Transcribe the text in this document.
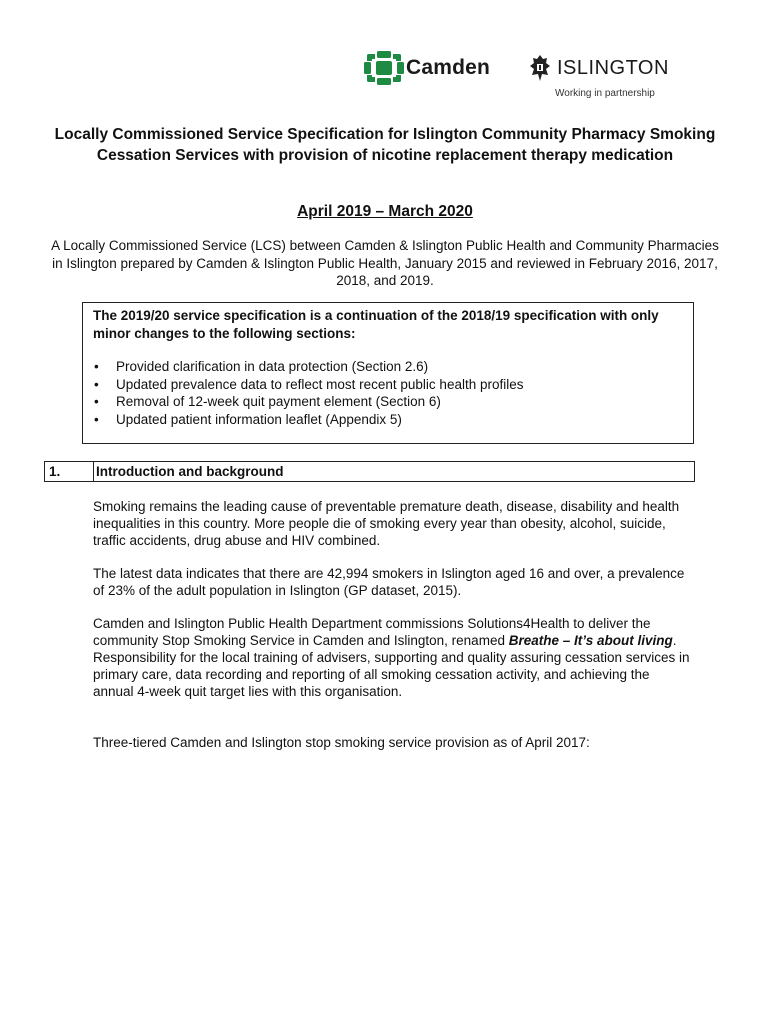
Camden	ISLINGTON
Working in partnership
Locally Commissioned Service Specification for Islington Community Pharmacy Smoking Cessation Services with provision of nicotine replacement therapy medication
April 2019 – March 2020
A Locally Commissioned Service (LCS) between Camden & Islington Public Health and Community Pharmacies in Islington prepared by Camden & Islington Public Health, January 2015 and reviewed in February 2016, 2017, 2018, and 2019.
The 2019/20 service specification is a continuation of the 2018/19 specification with only minor changes to the following sections:
• Provided clarification in data protection (Section 2.6)
• Updated prevalence data to reflect most recent public health profiles
• Removal of 12-week quit payment element (Section 6)
• Updated patient information leaflet (Appendix 5)
1.	Introduction and background
Smoking remains the leading cause of preventable premature death, disease, disability and health inequalities in this country. More people die of smoking every year than obesity, alcohol, suicide, traffic accidents, drug abuse and HIV combined.
The latest data indicates that there are 42,994 smokers in Islington aged 16 and over, a prevalence of 23% of the adult population in Islington (GP dataset, 2015).
Camden and Islington Public Health Department commissions Solutions4Health to deliver the community Stop Smoking Service in Camden and Islington, renamed Breathe – It’s about living. Responsibility for the local training of advisers, supporting and quality assuring cessation services in primary care, data recording and reporting of all smoking cessation activity, and achieving the annual 4-week quit target lies with this organisation.
Three-tiered Camden and Islington stop smoking service provision as of April 2017:
